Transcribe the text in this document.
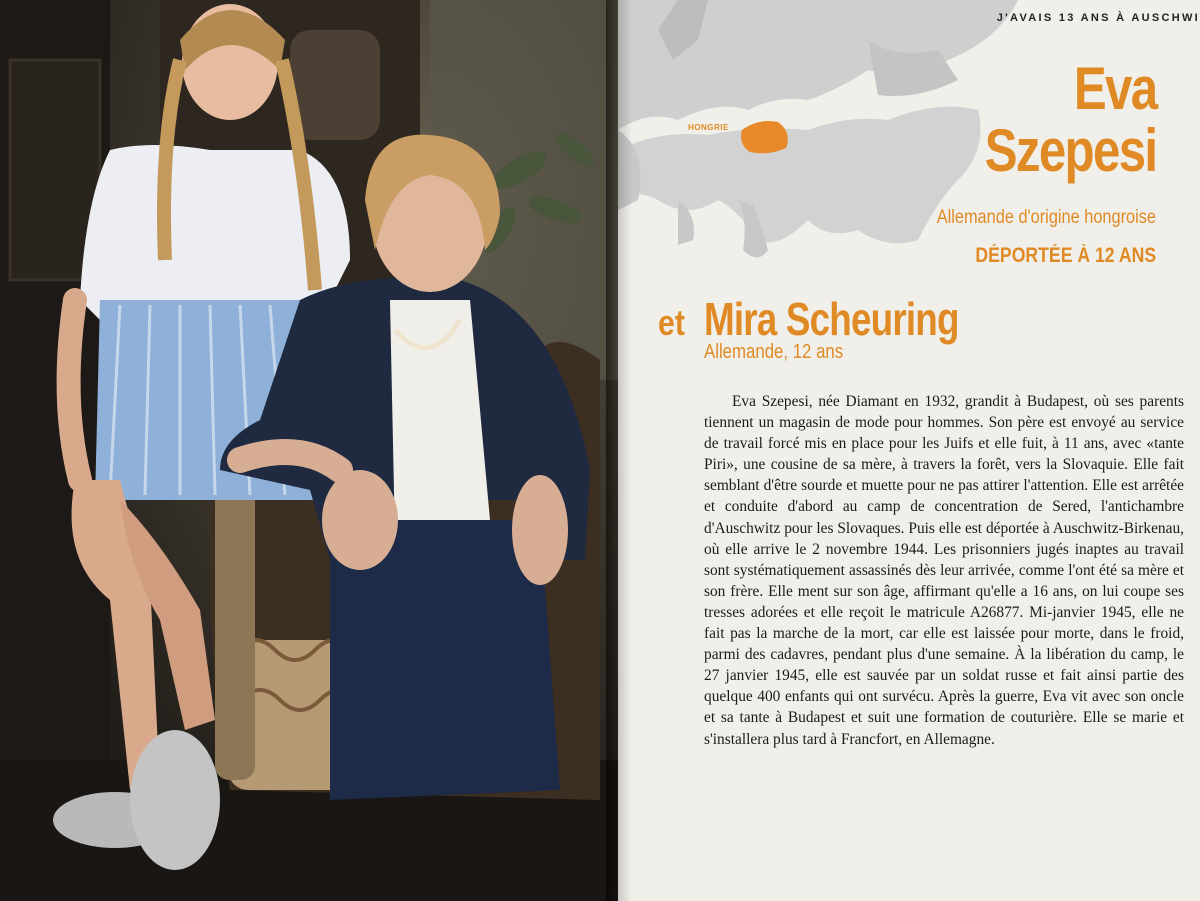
HONGRIE
J'AVAIS 13 ANS À AUSCHWI
Eva
Szepesi
Allemande d'origine hongroise
DÉPORTÉE À 12 ANS
et Mira Scheuring
Allemande, 12 ans

Eva Szepesi, née Diamant en 1932, grandit à Budapest, où ses parents tiennent un magasin de mode pour hommes. Son père est envoyé au service de travail forcé mis en place pour les Juifs et elle fuit, à 11 ans, avec «tante Piri», une cousine de sa mère, à travers la forêt, vers la Slovaquie. Elle fait semblant d'être sourde et muette pour ne pas attirer l'attention. Elle est arrêtée et conduite d'abord au camp de concentration de Sered, l'antichambre d'Auschwitz pour les Slovaques. Puis elle est déportée à Auschwitz-Birkenau, où elle arrive le 2 novembre 1944. Les prisonniers jugés inaptes au travail sont systématiquement assassinés dès leur arrivée, comme l'ont été sa mère et son frère. Elle ment sur son âge, affirmant qu'elle a 16 ans, on lui coupe ses tresses adorées et elle reçoit le matricule A26877. Mi-janvier 1945, elle ne fait pas la marche de la mort, car elle est laissée pour morte, dans le froid, parmi des cadavres, pendant plus d'une semaine. À la libération du camp, le 27 janvier 1945, elle est sauvée par un soldat russe et fait ainsi partie des quelque 400 enfants qui ont survécu. Après la guerre, Eva vit avec son oncle et sa tante à Budapest et suit une formation de couturière. Elle se marie et s'installera plus tard à Francfort, en Allemagne.
